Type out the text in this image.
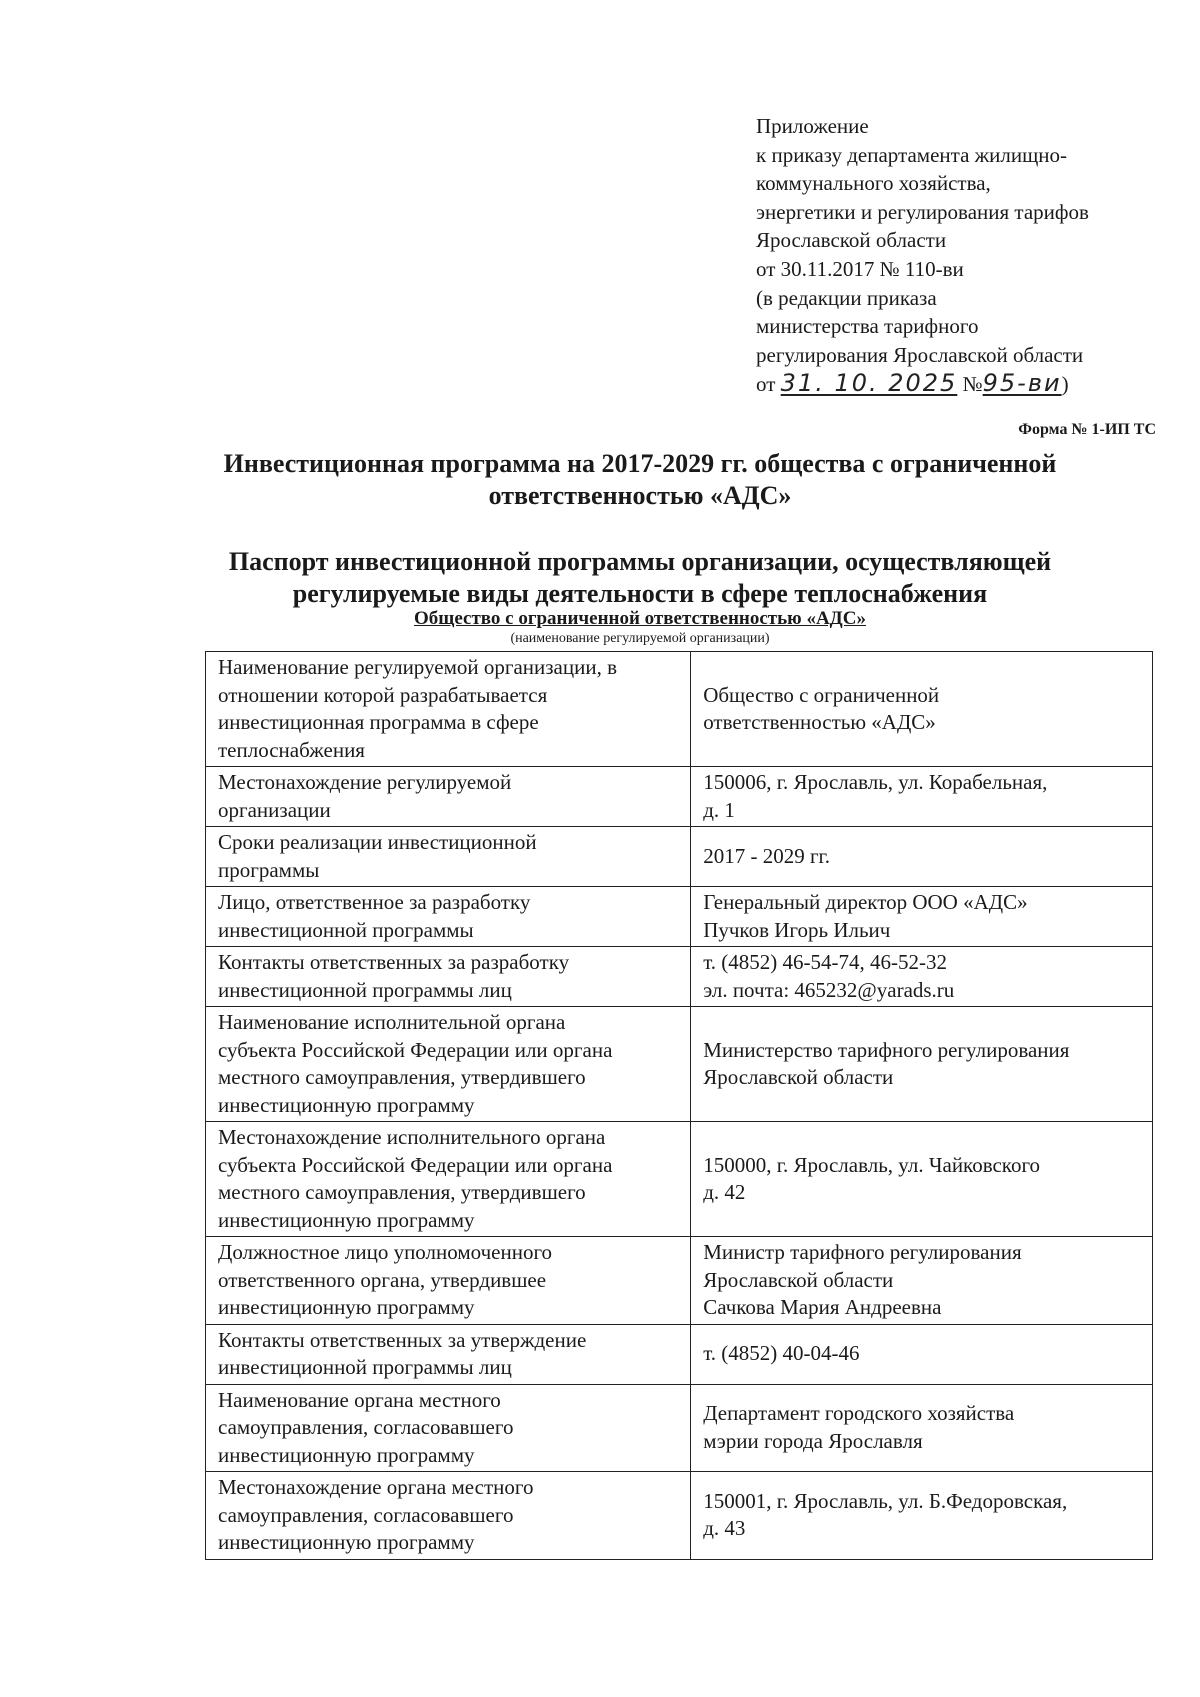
Приложение
к приказу департамента жилищно-
коммунального хозяйства,
энергетики и регулирования тарифов
Ярославской области
от 30.11.2017 № 110-ви
(в редакции приказа
министерства тарифного
регулирования Ярославской области
от 31. 10. 2025 №95-ви)
Форма № 1-ИП ТС
Инвестиционная программа на 2017-2029 гг. общества с ограниченной
ответственностью «АДС»
Паспорт инвестиционной программы организации, осуществляющей
регулируемые виды деятельности в сфере теплоснабжения
Общество с ограниченной ответственностью «АДС»
(наименование регулируемой организации)
Наименование регулируемой организации, в
отношении которой разрабатывается
инвестиционная программа в сфере
теплоснабжения	Общество с ограниченной
ответственностью «АДС»

Местонахождение регулируемой
организации	150006, г. Ярославль, ул. Корабельная,
д. 1

Сроки реализации инвестиционной
программы	2017 - 2029 гг.

Лицо, ответственное за разработку
инвестиционной программы	Генеральный директор ООО «АДС»
Пучков Игорь Ильич

Контакты ответственных за разработку
инвестиционной программы лиц	т. (4852) 46-54-74, 46-52-32
эл. почта: 465232@yarads.ru

Наименование исполнительной органа
субъекта Российской Федерации или органа
местного самоуправления, утвердившего
инвестиционную программу	Министерство тарифного регулирования
Ярославской области

Местонахождение исполнительного органа
субъекта Российской Федерации или органа
местного самоуправления, утвердившего
инвестиционную программу	150000, г. Ярославль, ул. Чайковского
д. 42

Должностное лицо уполномоченного
ответственного органа, утвердившее
инвестиционную программу	Министр тарифного регулирования
Ярославской области
Сачкова Мария Андреевна

Контакты ответственных за утверждение
инвестиционной программы лиц	т. (4852) 40-04-46

Наименование органа местного
самоуправления, согласовавшего
инвестиционную программу	Департамент городского хозяйства
мэрии города Ярославля

Местонахождение органа местного
самоуправления, согласовавшего
инвестиционную программу	150001, г. Ярославль, ул. Б.Федоровская,
д. 43
